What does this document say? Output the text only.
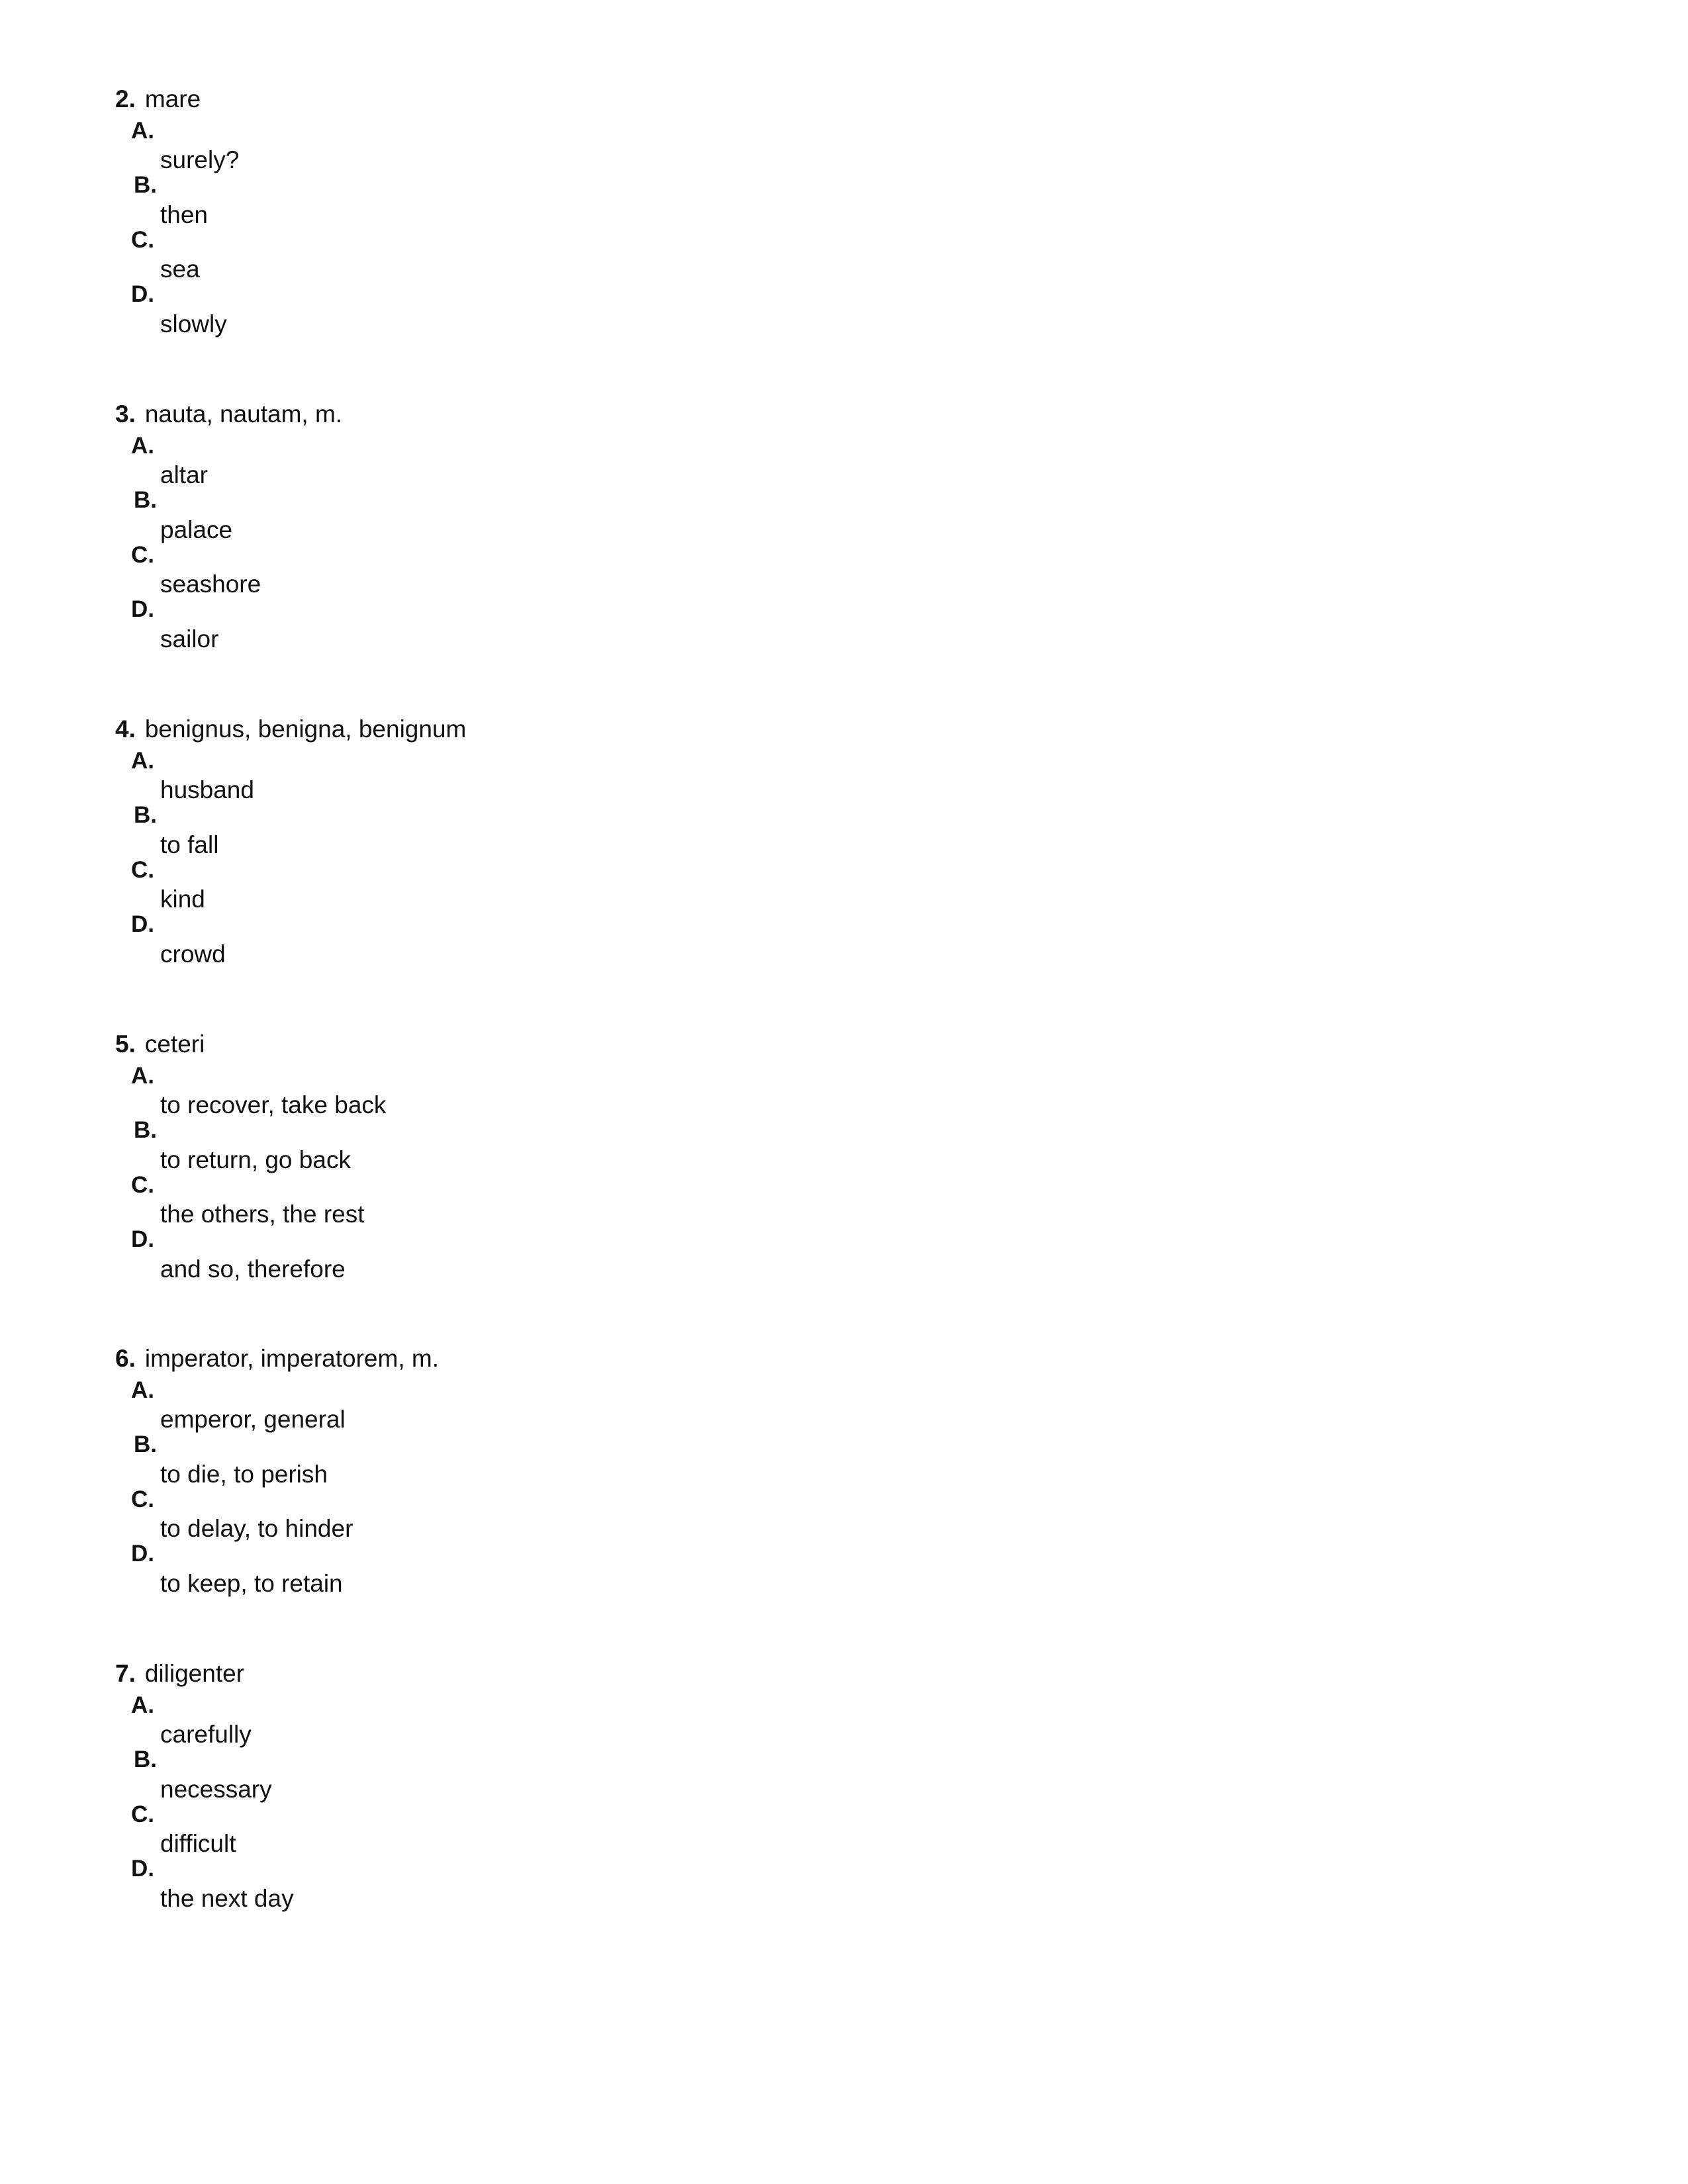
2. mare
A.
surely?
B.
then
C.
sea
D.
slowly
3. nauta, nautam, m.
A.
altar
B.
palace
C.
seashore
D.
sailor
4. benignus, benigna, benignum
A.
husband
B.
to fall
C.
kind
D.
crowd
5. ceteri
A.
to recover, take back
B.
to return, go back
C.
the others, the rest
D.
and so, therefore
6. imperator, imperatorem, m.
A.
emperor, general
B.
to die, to perish
C.
to delay, to hinder
D.
to keep, to retain
7. diligenter
A.
carefully
B.
necessary
C.
difficult
D.
the next day
